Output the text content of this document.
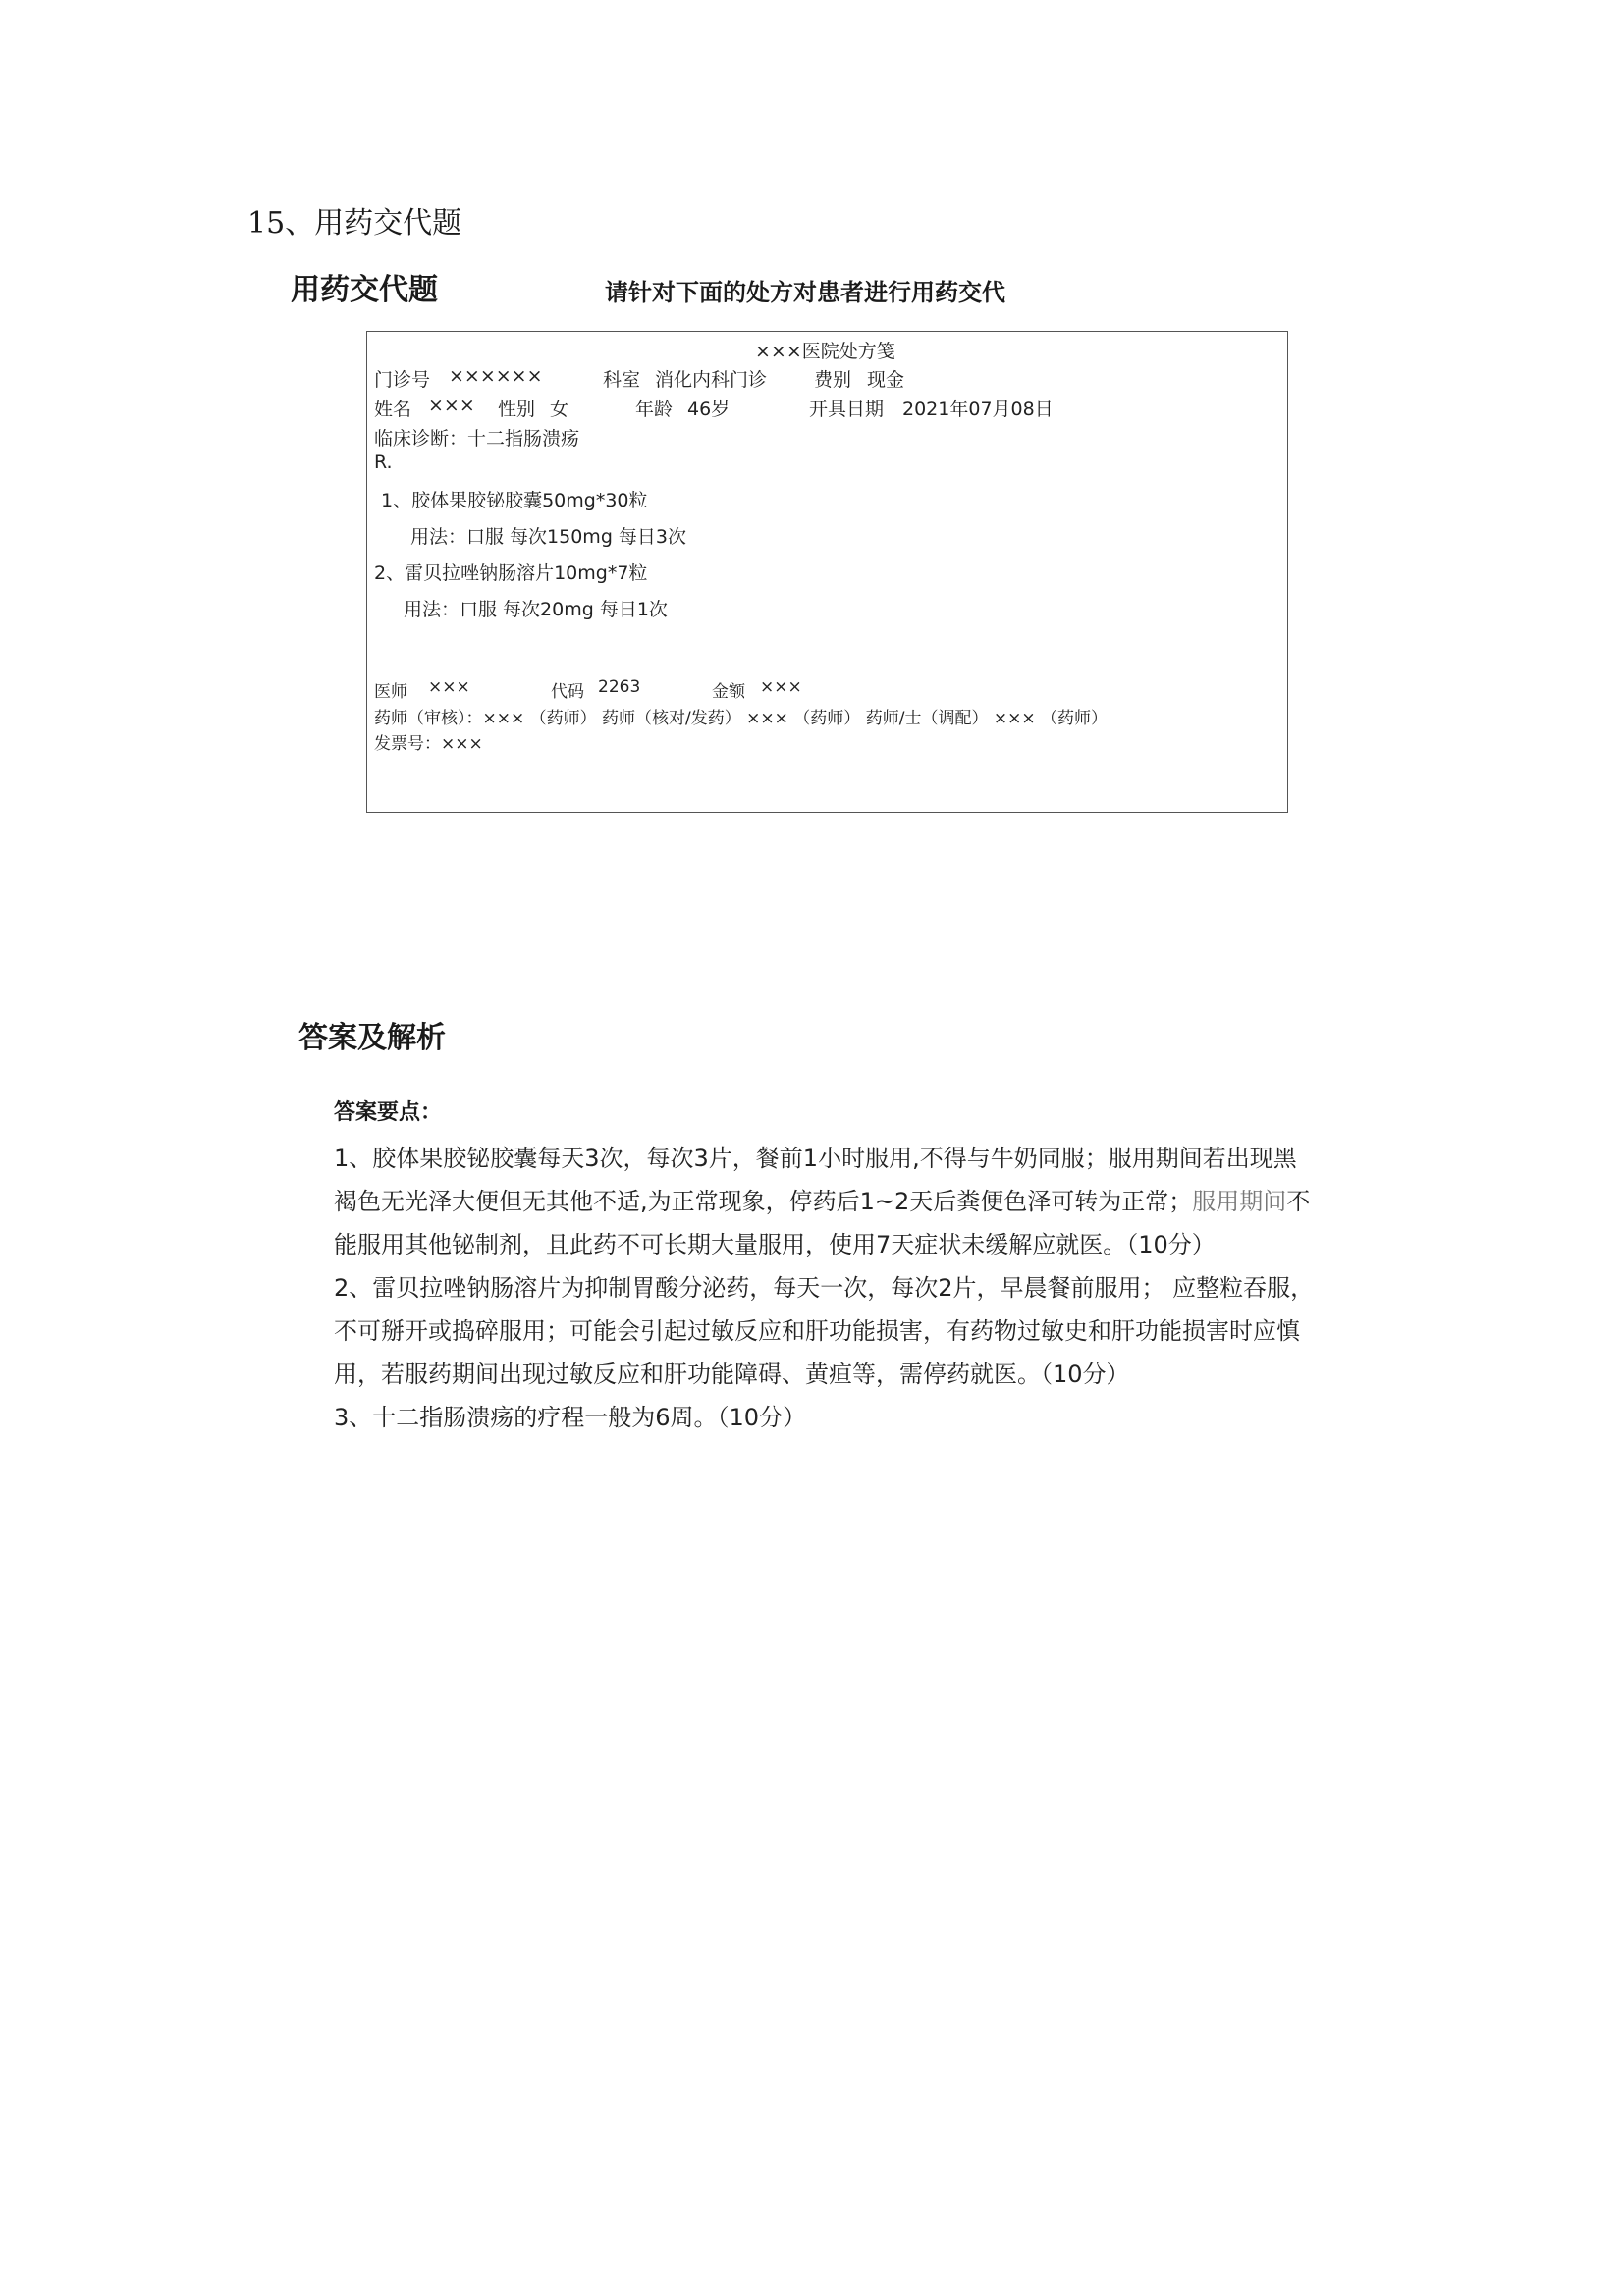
15、用药交代题
用药交代题	请针对下面的处方对患者进行用药交代
×××医院处方笺
门诊号 ××××××	科室 消化内科门诊	费别 现金
姓名 ××× 性别 女	年龄 46岁	开具日期 2021年07月08日
临床诊断：十二指肠溃疡
R.
1、胶体果胶铋胶囊50mg*30粒
用法：口服 每次150mg 每日3次
2、雷贝拉唑钠肠溶片10mg*7粒
用法：口服 每次20mg 每日1次
医师 ×××	代码 2263	金额 ×××
药师（审核）：××× （药师） 药师（核对/发药） ××× （药师） 药师/士（调配） ××× （药师）
发票号：×××
答案及解析
答案要点：
1、胶体果胶铋胶囊每天3次，每次3片，餐前1小时服用,不得与牛奶同服；服用期间若出现黑
褐色无光泽大便但无其他不适,为正常现象，停药后1~2天后粪便色泽可转为正常；服用期间不
能服用其他铋制剂，且此药不可长期大量服用，使用7天症状未缓解应就医。（10分）
2、雷贝拉唑钠肠溶片为抑制胃酸分泌药，每天一次，每次2片，早晨餐前服用； 应整粒吞服，
不可掰开或捣碎服用；可能会引起过敏反应和肝功能损害，有药物过敏史和肝功能损害时应慎
用，若服药期间出现过敏反应和肝功能障碍、黄疸等，需停药就医。（10分）
3、十二指肠溃疡的疗程一般为6周。（10分）
